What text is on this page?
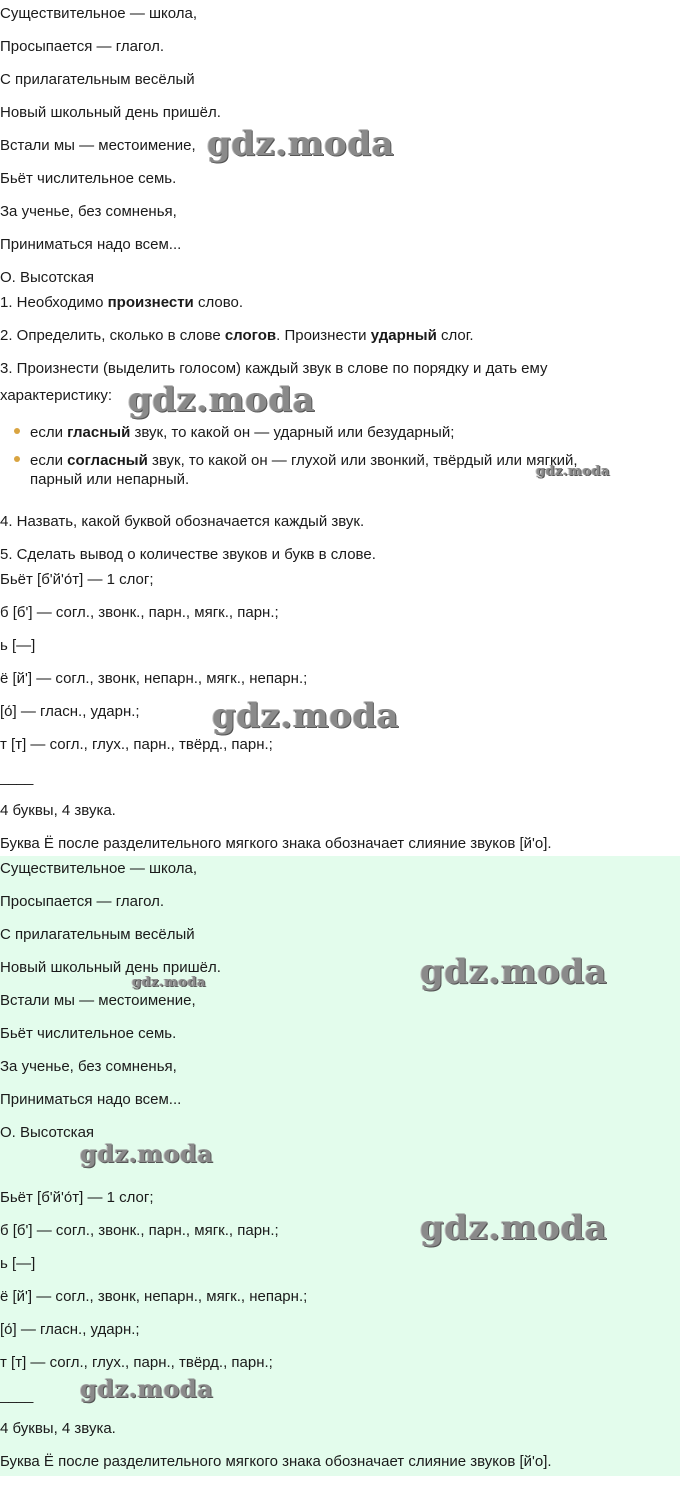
Существительное — школа,
Просыпается — глагол.
С прилагательным весёлый
Новый школьный день пришёл.
Встали мы — местоимение,
Бьёт числительное семь.
За ученье, без сомненья,
Приниматься надо всем...
О. Высотская
1. Необходимо произнести слово.
2. Определить, сколько в слове слогов. Произнести ударный слог.
3. Произнести (выделить голосом) каждый звук в слове по порядку и дать ему
характеристику:
если гласный звук, то какой он — ударный или безударный;
если согласный звук, то какой он — глухой или звонкий, твёрдый или мягкий,
парный или непарный.
4. Назвать, какой буквой обозначается каждый звук.
5. Сделать вывод о количестве звуков и букв в слове.
Бьёт [б'й'о́т] — 1 слог;
б [б'] — согл., звонк., парн., мягк., парн.;
ь [—]
ё [й'] — согл., звонк, непарн., мягк., непарн.;
[о́] — гласн., ударн.;
т [т] — согл., глух., парн., твёрд., парн.;
____
4 буквы, 4 звука.
Буква Ё после разделительного мягкого знака обозначает слияние звуков [й'о].
Существительное — школа,
Просыпается — глагол.
С прилагательным весёлый
Новый школьный день пришёл.
Встали мы — местоимение,
Бьёт числительное семь.
За ученье, без сомненья,
Приниматься надо всем...
О. Высотская
Бьёт [б'й'о́т] — 1 слог;
б [б'] — согл., звонк., парн., мягк., парн.;
ь [—]
ё [й'] — согл., звонк, непарн., мягк., непарн.;
[о́] — гласн., ударн.;
т [т] — согл., глух., парн., твёрд., парн.;
____
4 буквы, 4 звука.
Буква Ё после разделительного мягкого знака обозначает слияние звуков [й'о].
gdz.moda
gdz.moda
gdz.moda
gdz.moda
gdz.moda
gdz.moda
gdz.moda
gdz.moda
gdz.moda
